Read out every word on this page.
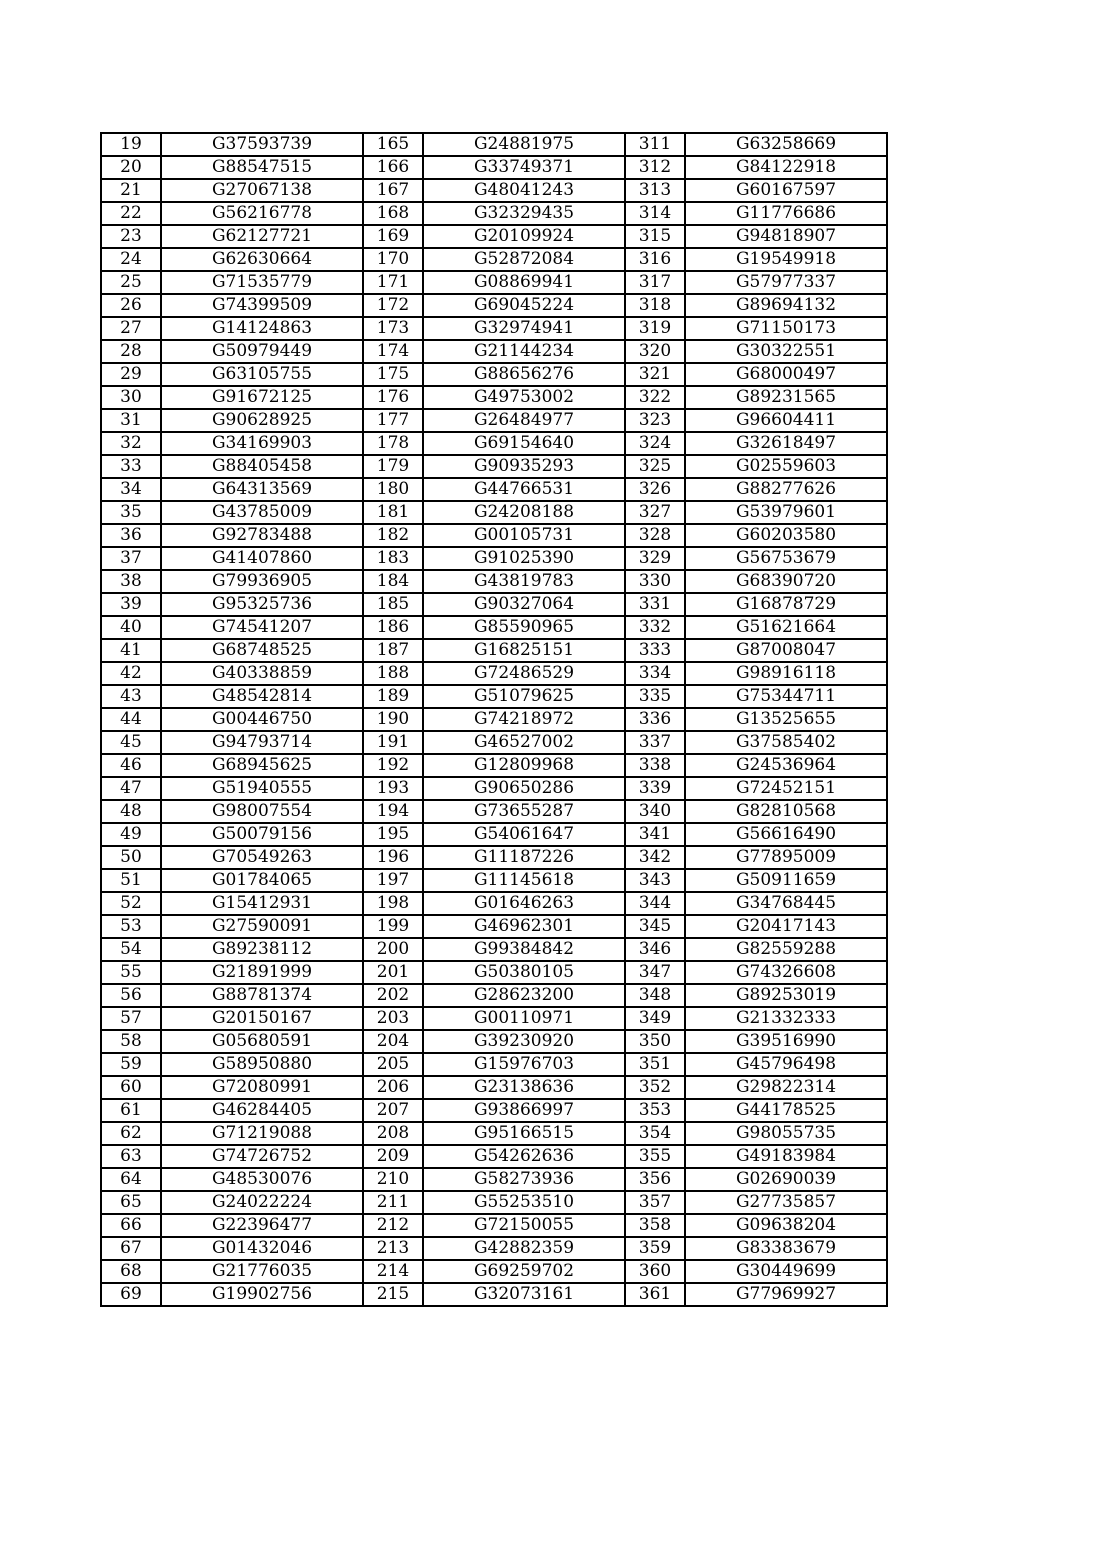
19	G37593739	165	G24881975	311	G63258669
20	G88547515	166	G33749371	312	G84122918
21	G27067138	167	G48041243	313	G60167597
22	G56216778	168	G32329435	314	G11776686
23	G62127721	169	G20109924	315	G94818907
24	G62630664	170	G52872084	316	G19549918
25	G71535779	171	G08869941	317	G57977337
26	G74399509	172	G69045224	318	G89694132
27	G14124863	173	G32974941	319	G71150173
28	G50979449	174	G21144234	320	G30322551
29	G63105755	175	G88656276	321	G68000497
30	G91672125	176	G49753002	322	G89231565
31	G90628925	177	G26484977	323	G96604411
32	G34169903	178	G69154640	324	G32618497
33	G88405458	179	G90935293	325	G02559603
34	G64313569	180	G44766531	326	G88277626
35	G43785009	181	G24208188	327	G53979601
36	G92783488	182	G00105731	328	G60203580
37	G41407860	183	G91025390	329	G56753679
38	G79936905	184	G43819783	330	G68390720
39	G95325736	185	G90327064	331	G16878729
40	G74541207	186	G85590965	332	G51621664
41	G68748525	187	G16825151	333	G87008047
42	G40338859	188	G72486529	334	G98916118
43	G48542814	189	G51079625	335	G75344711
44	G00446750	190	G74218972	336	G13525655
45	G94793714	191	G46527002	337	G37585402
46	G68945625	192	G12809968	338	G24536964
47	G51940555	193	G90650286	339	G72452151
48	G98007554	194	G73655287	340	G82810568
49	G50079156	195	G54061647	341	G56616490
50	G70549263	196	G11187226	342	G77895009
51	G01784065	197	G11145618	343	G50911659
52	G15412931	198	G01646263	344	G34768445
53	G27590091	199	G46962301	345	G20417143
54	G89238112	200	G99384842	346	G82559288
55	G21891999	201	G50380105	347	G74326608
56	G88781374	202	G28623200	348	G89253019
57	G20150167	203	G00110971	349	G21332333
58	G05680591	204	G39230920	350	G39516990
59	G58950880	205	G15976703	351	G45796498
60	G72080991	206	G23138636	352	G29822314
61	G46284405	207	G93866997	353	G44178525
62	G71219088	208	G95166515	354	G98055735
63	G74726752	209	G54262636	355	G49183984
64	G48530076	210	G58273936	356	G02690039
65	G24022224	211	G55253510	357	G27735857
66	G22396477	212	G72150055	358	G09638204
67	G01432046	213	G42882359	359	G83383679
68	G21776035	214	G69259702	360	G30449699
69	G19902756	215	G32073161	361	G77969927
